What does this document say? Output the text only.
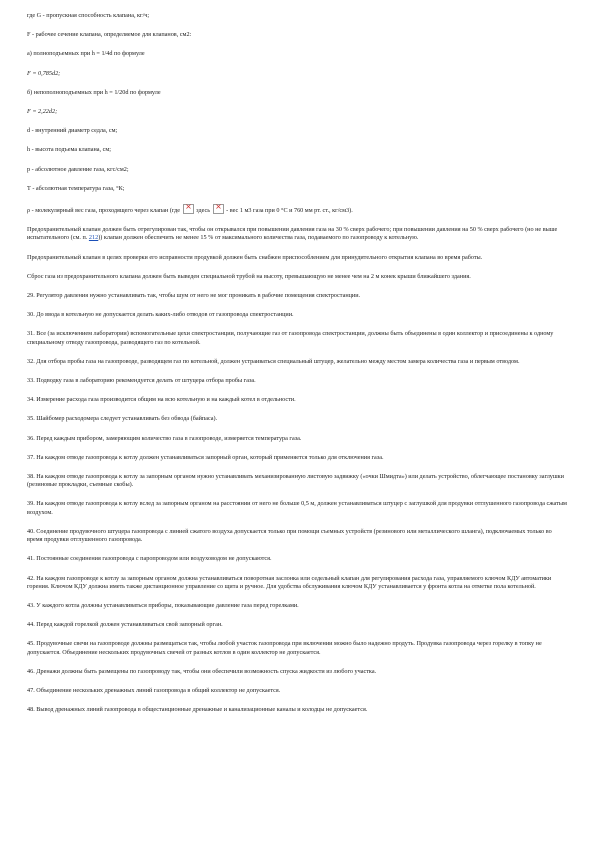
где G - пропускная способность клапана, кг/ч;
F - рабочее сечение клапана, определяемое для клапанов, см2:
а) полноподъемных при h = 1/4d по формуле
F = 0,785d2;
б) непополноподъемных при h = 1/20d по формуле
F = 2,22d2;
d - внутренний диаметр седла, см;
h - высота подъема клапана, см;
р - абсолютное давление газа, кгс/см2;
Т - абсолютная температура газа, °К;
ρ - молекулярный вес газа, проходящего через клапан (где ×	здесь ×	- вес 1 м3 газа при 0 °С и 760 мм рт. ст., кг/см3).
Предохранительный клапан должен быть отрегулирован так, чтобы он открывался при повышении давления газа на 30 % сверх рабочего; при повышении давления на 50 % сверх рабочего (но не выше испытательного (см. п. 212)) клапан должен обеспечить не менее 15 % от максимального количества газа, подаваемого по газопроводу к котельную.
Предохранительный клапан в целях проверки его исправности продувкой должен быть снабжен приспособлением для принудительного открытия клапана во время работы.
Сброс газа из предохранительного клапана должен быть выведен специальной трубой на высоту, превышающую не менее чем на 2 м конек крыши ближайшего здания.
29. Регулятор давления нужно устанавливать так, чтобы шум от него не мог проникать в рабочие помещения спектростанции.
30. До ввода в котельную не допускается делать каких-либо отводов от газопровода спектростанции.
31. Все (за исключением лаборатории) вспомогательные цехи спектростанции, получающие газ от газопровода спектростанции, должны быть объединены в один коллектор и присоединены к одному специальному отводу газопровода, разводящего газ по котельной.
32. Для отбора пробы газа на газопроводе, разводящем газ по котельной, должен устраиваться специальный штуцер, желательно между местом замера количества газа и первым отводом.
33. Подводку газа в лабораторию рекомендуется делать от штуцера отбора пробы газа.
34. Измерение расхода газа производится общим на всю котельную и на каждый котел в отдельности.
35. Шайбомер расходомера следует устанавливать без обвода (байпаса).
36. Перед каждым прибором, замеряющим количество газа в газопроводе, измеряется температура газа.
37. На каждом отводе газопровода к котлу должен устанавливаться запорный орган, который применяется только для отключения газа.
38. На каждом отводе газопровода к котлу за запорным органом нужно устанавливать механизированную листовую задвижку («очки Шмидта») или делать устройство, облегчающее постановку заглушки (резиновые прокладки, съемные скобы).
39. На каждом отводе газопровода к котлу вслед за запорным органом на расстоянии от него не больше 0,5 м, должен устанавливаться штуцер с заглушкой для продувки отглушенного газопровода сжатым воздухом.
40. Соединение продувочного штуцера газопровода с линией сжатого воздуха допускается только при помощи съемных устройств (резинового или металлического шланга), подключаемых только во время продувки отглушенного газопровода.
41. Постоянные соединения газопровода с паропроводом или воздуховодом не допускаются.
42. На каждом газопроводе к котлу за запорным органом должна устанавливаться поворотная заслонка или седельный клапан для регулирования расхода газа, управляемого ключом КДУ автоматики горения. Ключом КДУ должна иметь также дистанционное управление со щита и ручное. Для удобства обслуживания ключом КДУ устанавливается у фронта котла на отметке пола котельной.
43. У каждого котла должны устанавливаться приборы, показывающие давление газа перед горелками.
44. Перед каждой горелкой должен устанавливаться свой запорный орган.
45. Продувочные свечи на газопроводе должны размещаться так, чтобы любой участок газопровода при включении можно было надежно продуть. Продувка газопровода через горелку в топку не допускается. Объединение нескольких продувочных свечей от разных котлов в один коллектор не допускается.
46. Дренажи должны быть размещены по газопроводу так, чтобы они обеспечили возможность спуска жидкости из любого участка.
47. Объединение нескольких дренажных линий газопровода в общий коллектор не допускается.
48. Вывод дренажных линий газопровода в общестанционные дренажные и канализационные каналы и колодцы не допускается.
